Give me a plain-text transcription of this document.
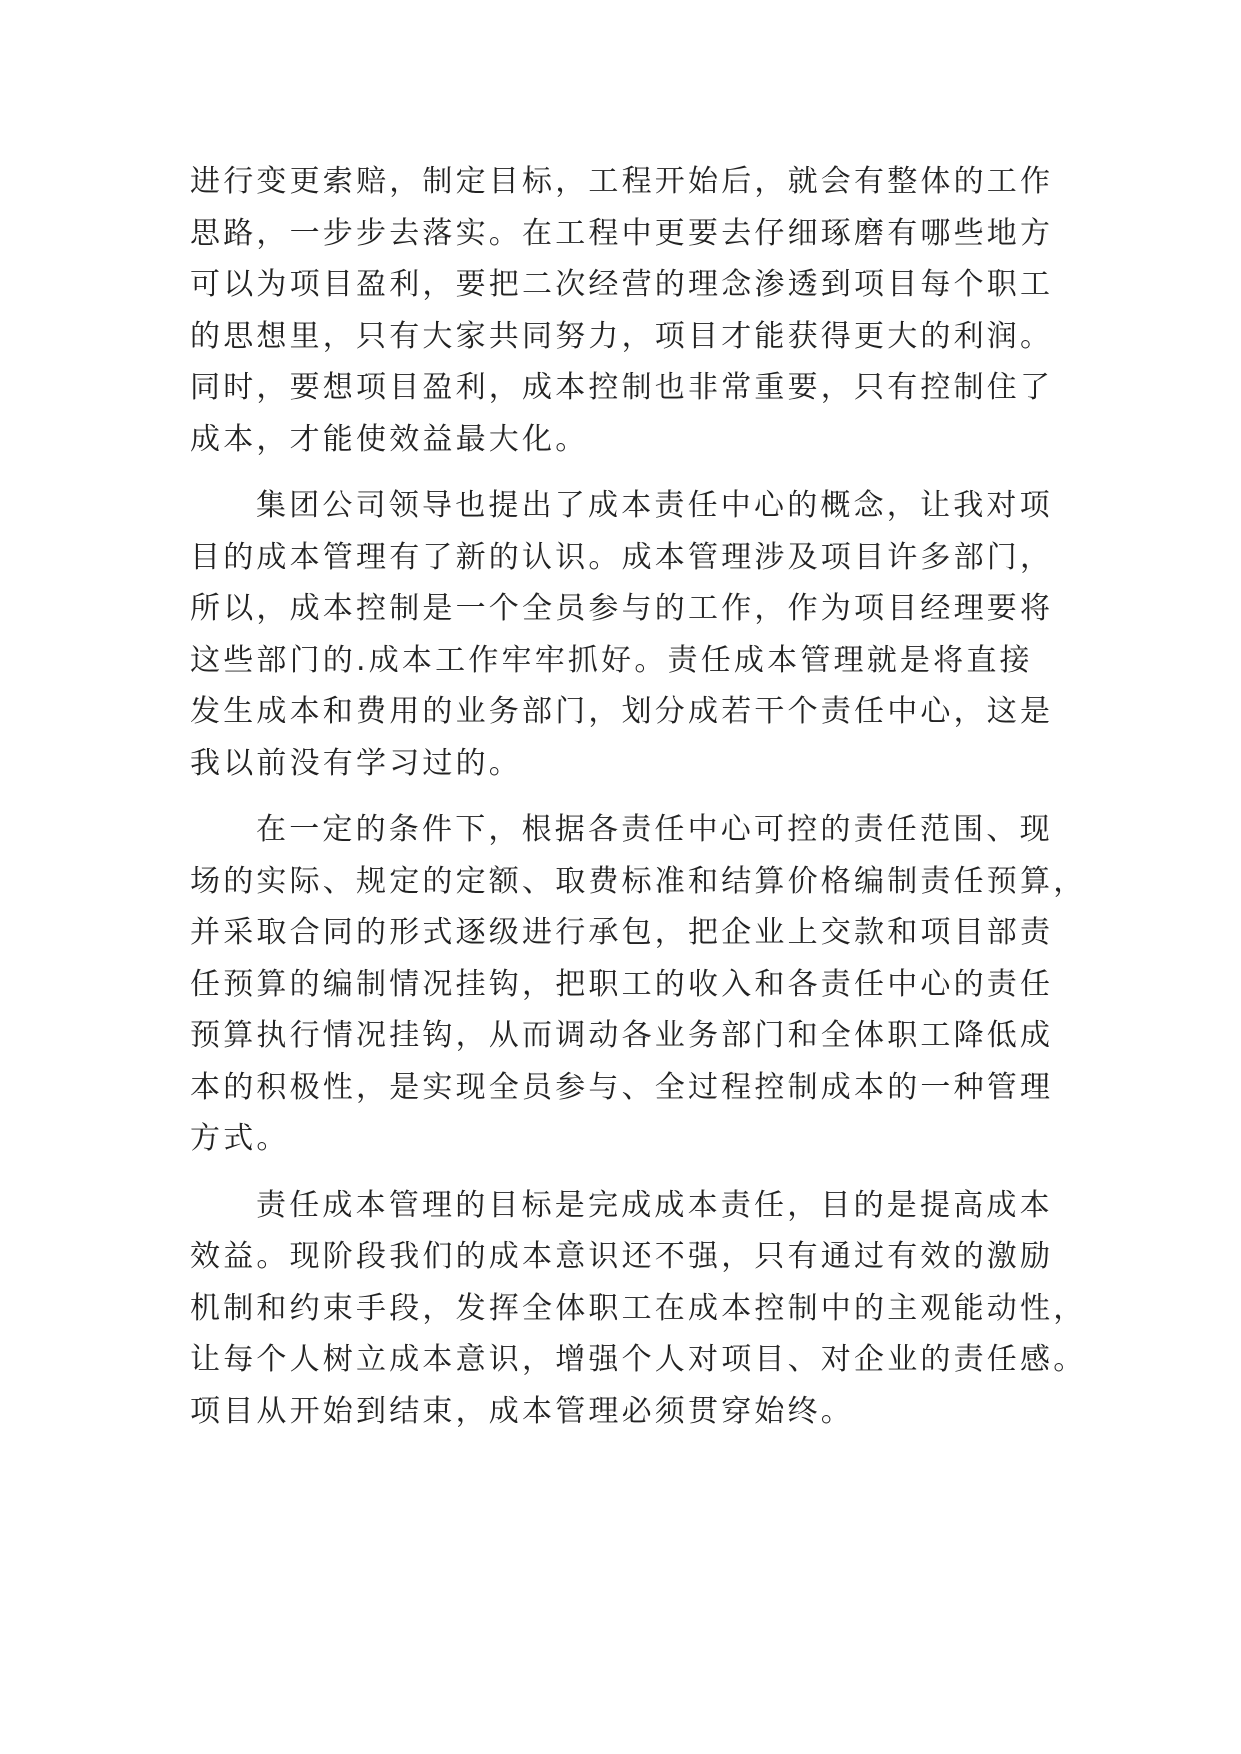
进行变更索赔，制定目标，工程开始后，就会有整体的工作
思路，一步步去落实。在工程中更要去仔细琢磨有哪些地方
可以为项目盈利，要把二次经营的理念渗透到项目每个职工
的思想里，只有大家共同努力，项目才能获得更大的利润。
同时，要想项目盈利，成本控制也非常重要，只有控制住了
成本，才能使效益最大化。
集团公司领导也提出了成本责任中心的概念，让我对项
目的成本管理有了新的认识。成本管理涉及项目许多部门，
所以，成本控制是一个全员参与的工作，作为项目经理要将
这些部门的.成本工作牢牢抓好。责任成本管理就是将直接
发生成本和费用的业务部门，划分成若干个责任中心，这是
我以前没有学习过的。
在一定的条件下，根据各责任中心可控的责任范围、现
场的实际、规定的定额、取费标准和结算价格编制责任预算，
并采取合同的形式逐级进行承包，把企业上交款和项目部责
任预算的编制情况挂钩，把职工的收入和各责任中心的责任
预算执行情况挂钩，从而调动各业务部门和全体职工降低成
本的积极性，是实现全员参与、全过程控制成本的一种管理
方式。
责任成本管理的目标是完成成本责任，目的是提高成本
效益。现阶段我们的成本意识还不强，只有通过有效的激励
机制和约束手段，发挥全体职工在成本控制中的主观能动性，
让每个人树立成本意识，增强个人对项目、对企业的责任感。
项目从开始到结束，成本管理必须贯穿始终。
